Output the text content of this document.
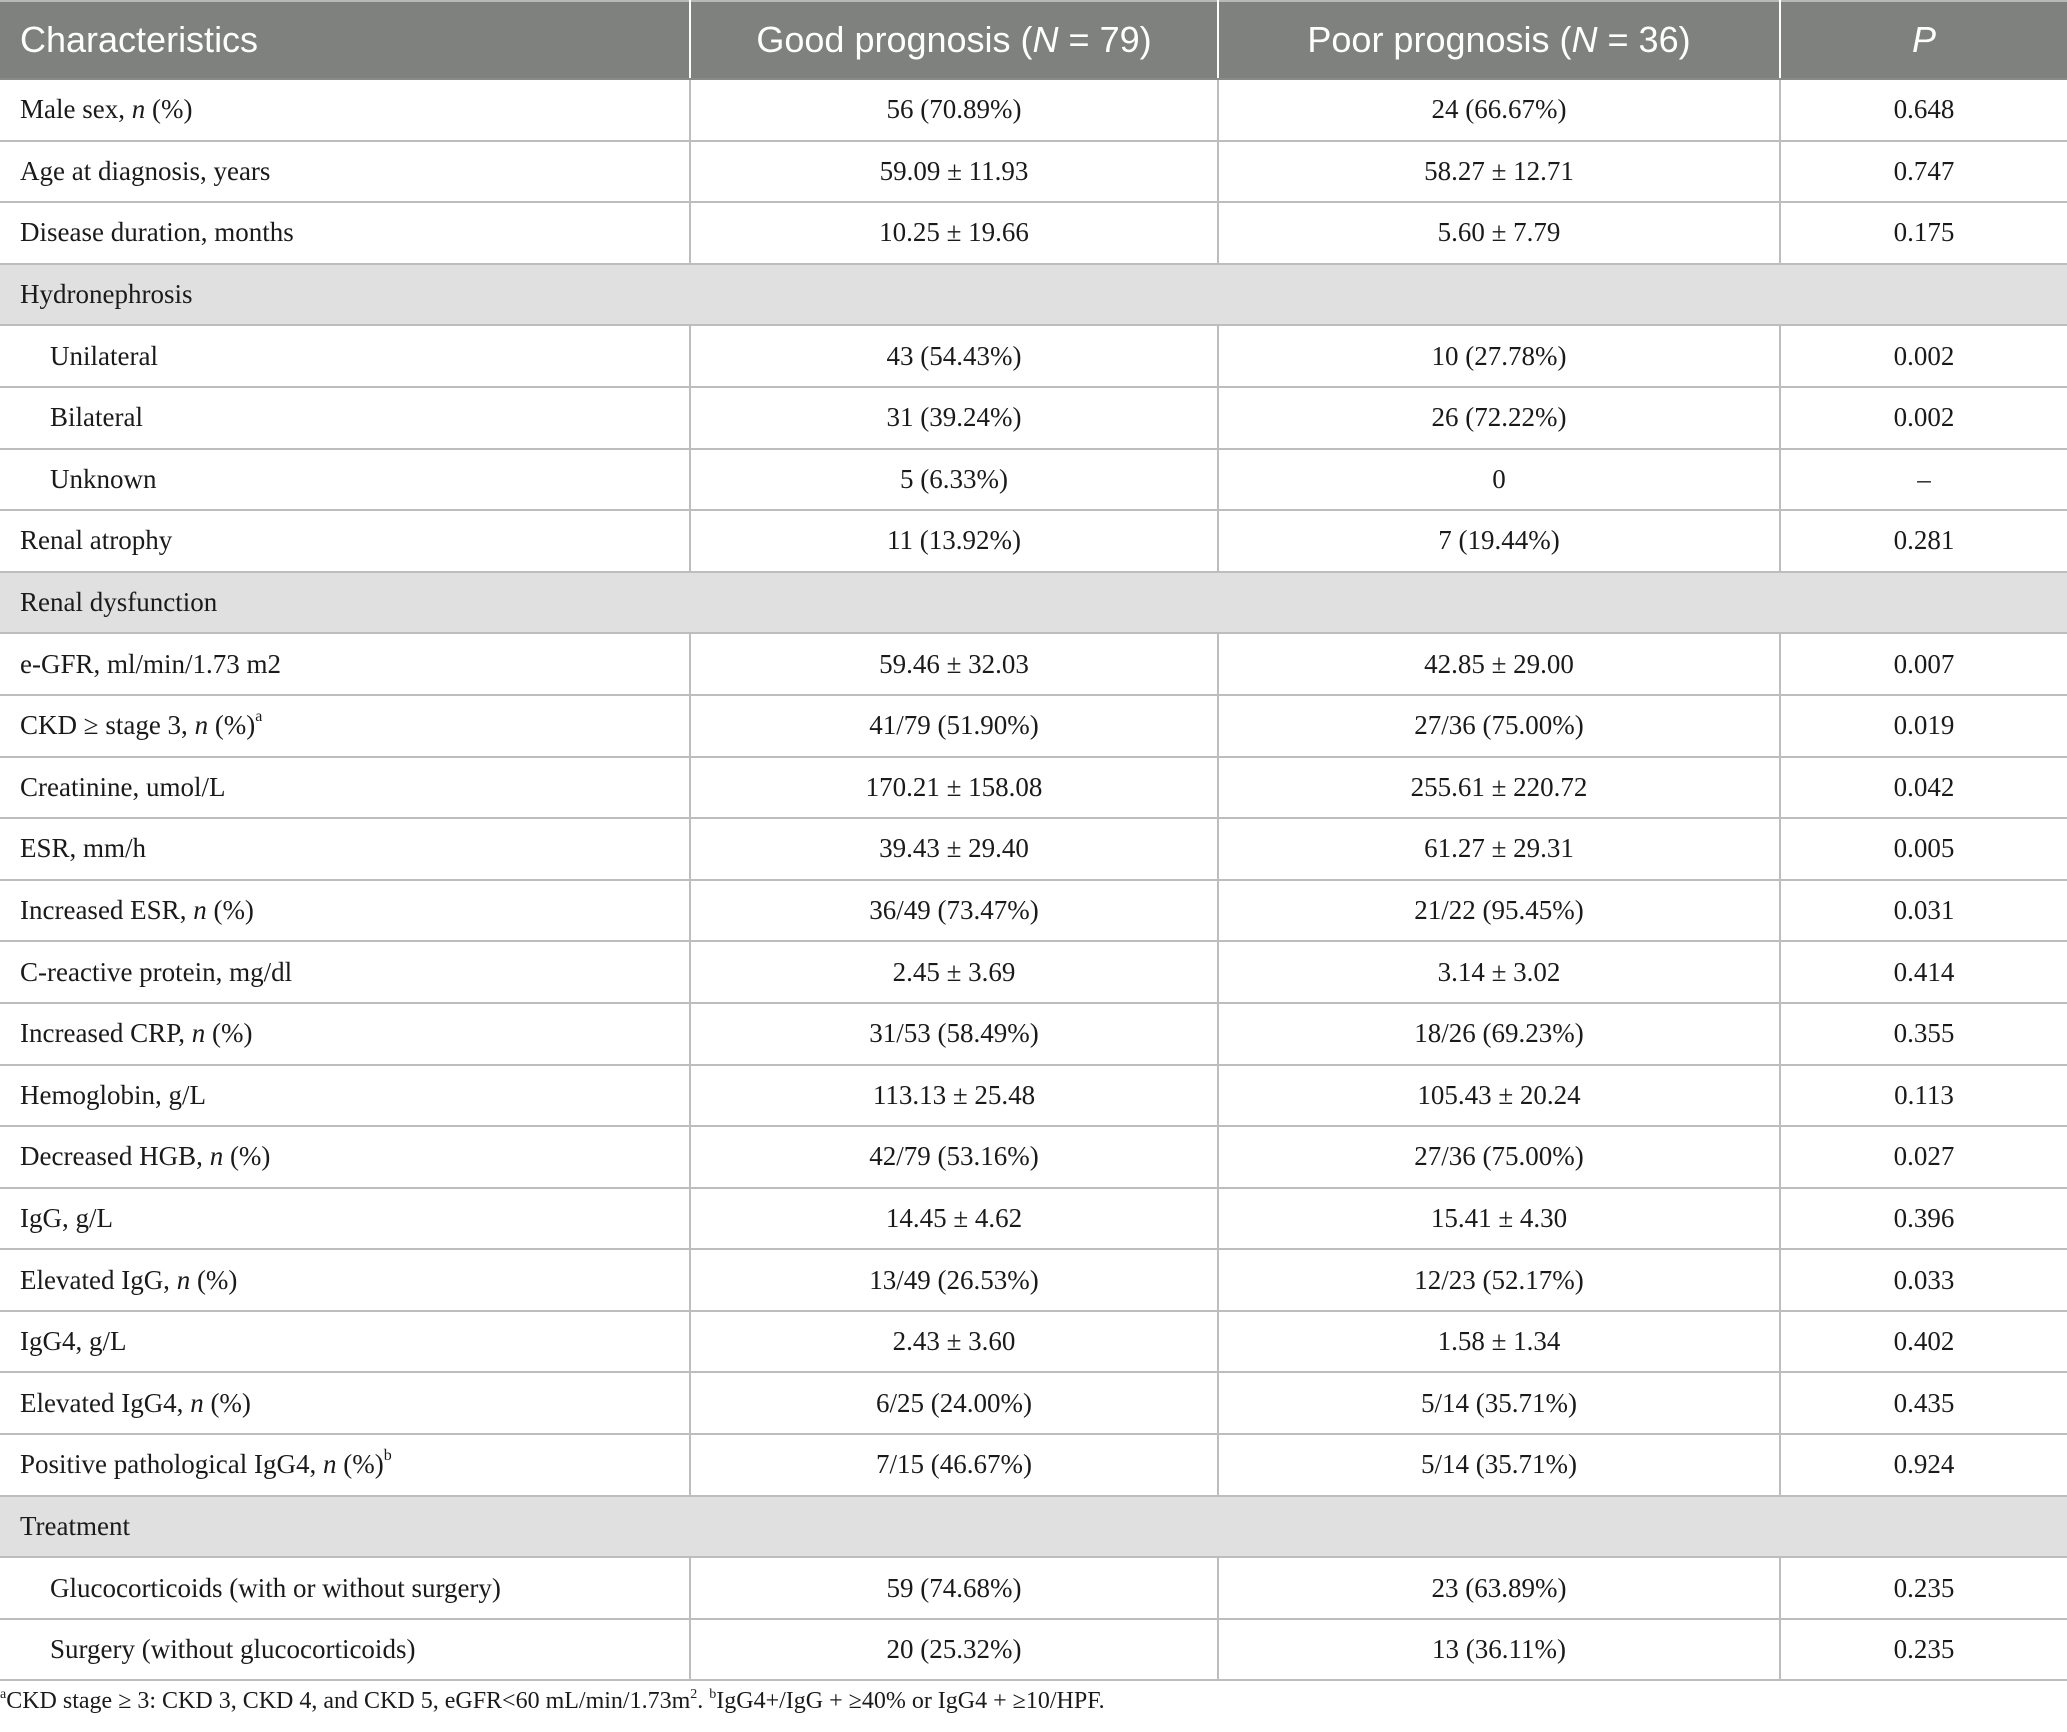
Characteristics	Good prognosis (N = 79)	Poor prognosis (N = 36)	P
Male sex, n (%)	56 (70.89%)	24 (66.67%)	0.648
Age at diagnosis, years	59.09 ± 11.93	58.27 ± 12.71	0.747
Disease duration, months	10.25 ± 19.66	5.60 ± 7.79	0.175
Hydronephrosis			
Unilateral	43 (54.43%)	10 (27.78%)	0.002
Bilateral	31 (39.24%)	26 (72.22%)	0.002
Unknown	5 (6.33%)	0	–
Renal atrophy	11 (13.92%)	7 (19.44%)	0.281
Renal dysfunction			
e-GFR, ml/min/1.73 m2	59.46 ± 32.03	42.85 ± 29.00	0.007
CKD ≥ stage 3, n (%)$^a$	41/79 (51.90%)	27/36 (75.00%)	0.019
Creatinine, umol/L	170.21 ± 158.08	255.61 ± 220.72	0.042
ESR, mm/h	39.43 ± 29.40	61.27 ± 29.31	0.005
Increased ESR, n (%)	36/49 (73.47%)	21/22 (95.45%)	0.031
C-reactive protein, mg/dl	2.45 ± 3.69	3.14 ± 3.02	0.414
Increased CRP, n (%)	31/53 (58.49%)	18/26 (69.23%)	0.355
Hemoglobin, g/L	113.13 ± 25.48	105.43 ± 20.24	0.113
Decreased HGB, n (%)	42/79 (53.16%)	27/36 (75.00%)	0.027
IgG, g/L	14.45 ± 4.62	15.41 ± 4.30	0.396
Elevated IgG, n (%)	13/49 (26.53%)	12/23 (52.17%)	0.033
IgG4, g/L	2.43 ± 3.60	1.58 ± 1.34	0.402
Elevated IgG4, n (%)	6/25 (24.00%)	5/14 (35.71%)	0.435
Positive pathological IgG4, n (%)$^b$	7/15 (46.67%)	5/14 (35.71%)	0.924
Treatment			
Glucocorticoids (with or without surgery)	59 (74.68%)	23 (63.89%)	0.235
Surgery (without glucocorticoids)	20 (25.32%)	13 (36.11%)	0.235
$^a$CKD stage ≥ 3: CKD 3, CKD 4, and CKD 5, eGFR<60 $mL/\min/1.73m^2$. $^b$IgG4+/IgG + ≥40% or IgG4 + ≥10/HPF.
